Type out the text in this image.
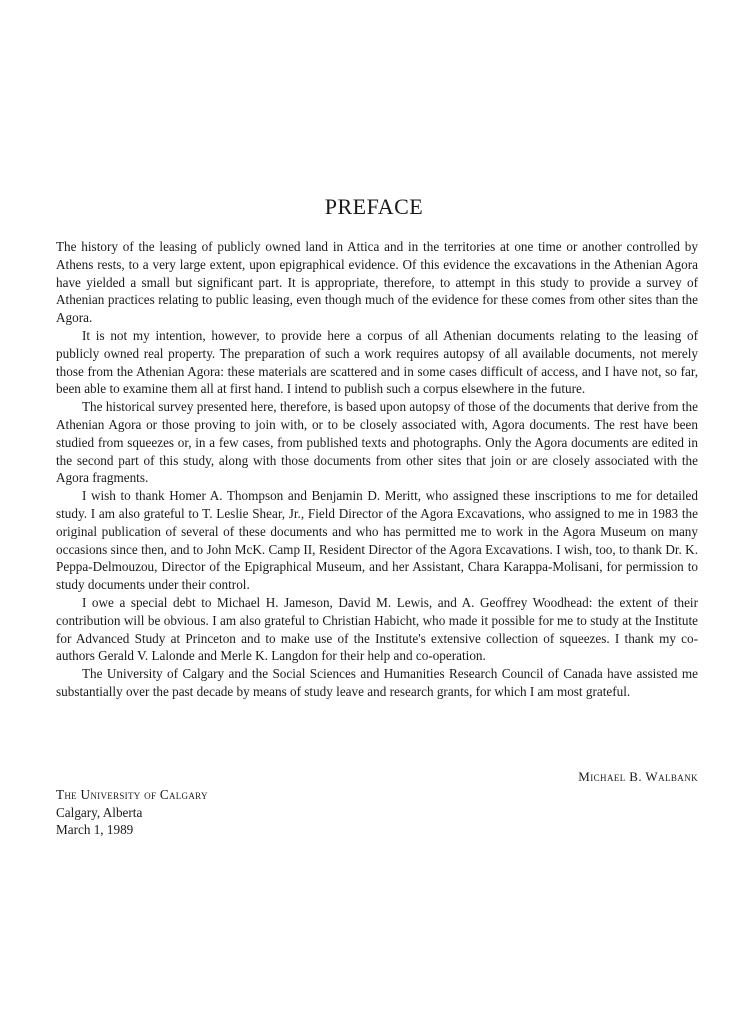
PREFACE

The history of the leasing of publicly owned land in Attica and in the territories at one time or another controlled by Athens rests, to a very large extent, upon epigraphical evidence. Of this evidence the excavations in the Athenian Agora have yielded a small but significant part. It is appropriate, therefore, to attempt in this study to provide a survey of Athenian practices relating to public leasing, even though much of the evidence for these comes from other sites than the Agora.

It is not my intention, however, to provide here a corpus of all Athenian documents relating to the leasing of publicly owned real property. The preparation of such a work requires autopsy of all available documents, not merely those from the Athenian Agora: these materials are scattered and in some cases difficult of access, and I have not, so far, been able to examine them all at first hand. I intend to publish such a corpus elsewhere in the future.

The historical survey presented here, therefore, is based upon autopsy of those of the documents that derive from the Athenian Agora or those proving to join with, or to be closely associated with, Agora documents. The rest have been studied from squeezes or, in a few cases, from published texts and photographs. Only the Agora documents are edited in the second part of this study, along with those documents from other sites that join or are closely associated with the Agora fragments.

I wish to thank Homer A. Thompson and Benjamin D. Meritt, who assigned these inscriptions to me for detailed study. I am also grateful to T. Leslie Shear, Jr., Field Director of the Agora Excavations, who assigned to me in 1983 the original publication of several of these documents and who has permitted me to work in the Agora Museum on many occasions since then, and to John McK. Camp II, Resident Director of the Agora Excavations. I wish, too, to thank Dr. K. Peppa-Delmouzou, Director of the Epigraphical Museum, and her Assistant, Chara Karappa-Molisani, for permission to study documents under their control.

I owe a special debt to Michael H. Jameson, David M. Lewis, and A. Geoffrey Woodhead: the extent of their contribution will be obvious. I am also grateful to Christian Habicht, who made it possible for me to study at the Institute for Advanced Study at Princeton and to make use of the Institute's extensive collection of squeezes. I thank my co-authors Gerald V. Lalonde and Merle K. Langdon for their help and co-operation.

The University of Calgary and the Social Sciences and Humanities Research Council of Canada have assisted me substantially over the past decade by means of study leave and research grants, for which I am most grateful.

Michael B. Walbank
The University of Calgary
Calgary, Alberta
March 1, 1989
